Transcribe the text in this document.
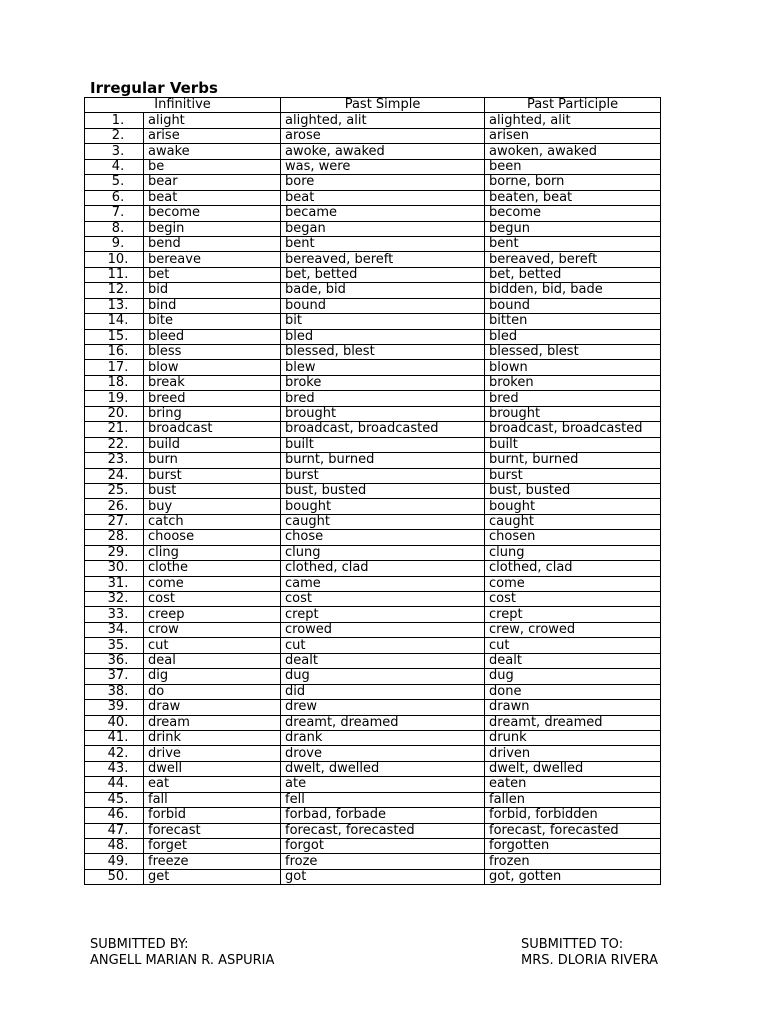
Irregular Verbs
Infinitive		Past Simple	Past Participle
1.	alight	alighted, alit	alighted, alit
2.	arise	arose	arisen
3.	awake	awoke, awaked	awoken, awaked
4.	be	was, were	been
5.	bear	bore	borne, born
6.	beat	beat	beaten, beat
7.	become	became	become
8.	begin	began	begun
9.	bend	bent	bent
10.	bereave	bereaved, bereft	bereaved, bereft
11.	bet	bet, betted	bet, betted
12.	bid	bade, bid	bidden, bid, bade
13.	bind	bound	bound
14.	bite	bit	bitten
15.	bleed	bled	bled
16.	bless	blessed, blest	blessed, blest
17.	blow	blew	blown
18.	break	broke	broken
19.	breed	bred	bred
20.	bring	brought	brought
21.	broadcast	broadcast, broadcasted	broadcast, broadcasted
22.	build	built	built
23.	burn	burnt, burned	burnt, burned
24.	burst	burst	burst
25.	bust	bust, busted	bust, busted
26.	buy	bought	bought
27.	catch	caught	caught
28.	choose	chose	chosen
29.	cling	clung	clung
30.	clothe	clothed, clad	clothed, clad
31.	come	came	come
32.	cost	cost	cost
33.	creep	crept	crept
34.	crow	crowed	crew, crowed
35.	cut	cut	cut
36.	deal	dealt	dealt
37.	dig	dug	dug
38.	do	did	done
39.	draw	drew	drawn
40.	dream	dreamt, dreamed	dreamt, dreamed
41.	drink	drank	drunk
42.	drive	drove	driven
43.	dwell	dwelt, dwelled	dwelt, dwelled
44.	eat	ate	eaten
45.	fall	fell	fallen
46.	forbid	forbad, forbade	forbid, forbidden
47.	forecast	forecast, forecasted	forecast, forecasted
48.	forget	forgot	forgotten
49.	freeze	froze	frozen
50.	get	got	got, gotten
SUBMITTED BY:
ANGELL MARIAN R. ASPURIA
SUBMITTED TO:
MRS. DLORIA RIVERA
